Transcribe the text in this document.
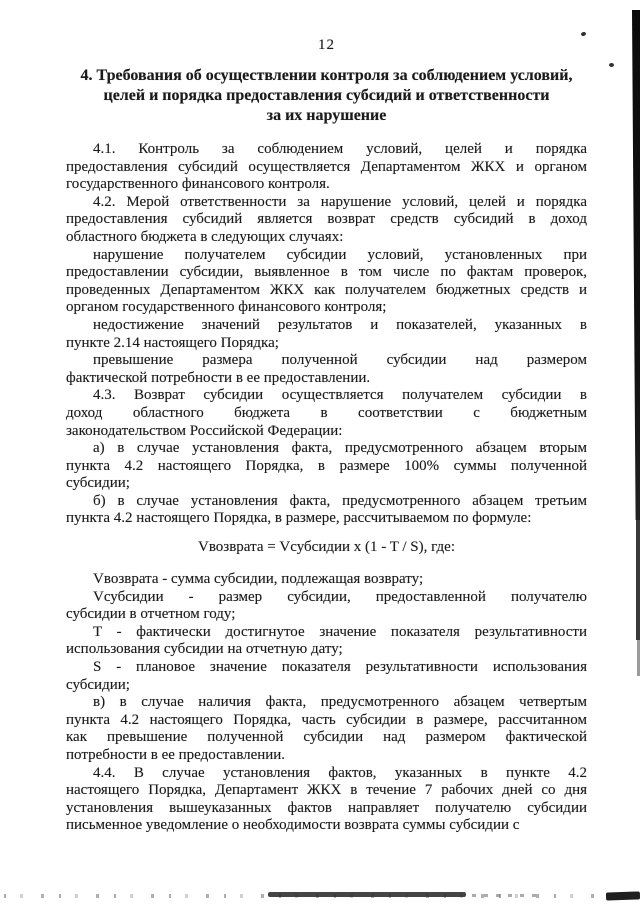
12
4. Требования об осуществлении контроля за соблюдением условий,
целей и порядка предоставления субсидий и ответственности
за их нарушение
4.1. Контроль за соблюдением условий, целей и порядка
предоставления субсидий осуществляется Департаментом ЖКХ и органом
государственного финансового контроля.
4.2. Мерой ответственности за нарушение условий, целей и порядка
предоставления субсидий является возврат средств субсидий в доход
областного бюджета в следующих случаях:
нарушение получателем субсидии условий, установленных при
предоставлении субсидии, выявленное в том числе по фактам проверок,
проведенных Департаментом ЖКХ как получателем бюджетных средств и
органом государственного финансового контроля;
недостижение значений результатов и показателей, указанных в
пункте 2.14 настоящего Порядка;
превышение размера полученной субсидии над размером
фактической потребности в ее предоставлении.
4.3. Возврат субсидии осуществляется получателем субсидии в
доход областного бюджета в соответствии с бюджетным
законодательством Российской Федерации:
а) в случае установления факта, предусмотренного абзацем вторым
пункта 4.2 настоящего Порядка, в размере 100% суммы полученной
субсидии;
б) в случае установления факта, предусмотренного абзацем третьим
пункта 4.2 настоящего Порядка, в размере, рассчитываемом по формуле:
Vвозврата = Vсубсидии x (1 - T / S), где:
Vвозврата - сумма субсидии, подлежащая возврату;
Vсубсидии - размер субсидии, предоставленной получателю
субсидии в отчетном году;
T - фактически достигнутое значение показателя результативности
использования субсидии на отчетную дату;
S - плановое значение показателя результативности использования
субсидии;
в) в случае наличия факта, предусмотренного абзацем четвертым
пункта 4.2 настоящего Порядка, часть субсидии в размере, рассчитанном
как превышение полученной субсидии над размером фактической
потребности в ее предоставлении.
4.4. В случае установления фактов, указанных в пункте 4.2
настоящего Порядка, Департамент ЖКХ в течение 7 рабочих дней со дня
установления вышеуказанных фактов направляет получателю субсидии
письменное уведомление о необходимости возврата суммы субсидии с
